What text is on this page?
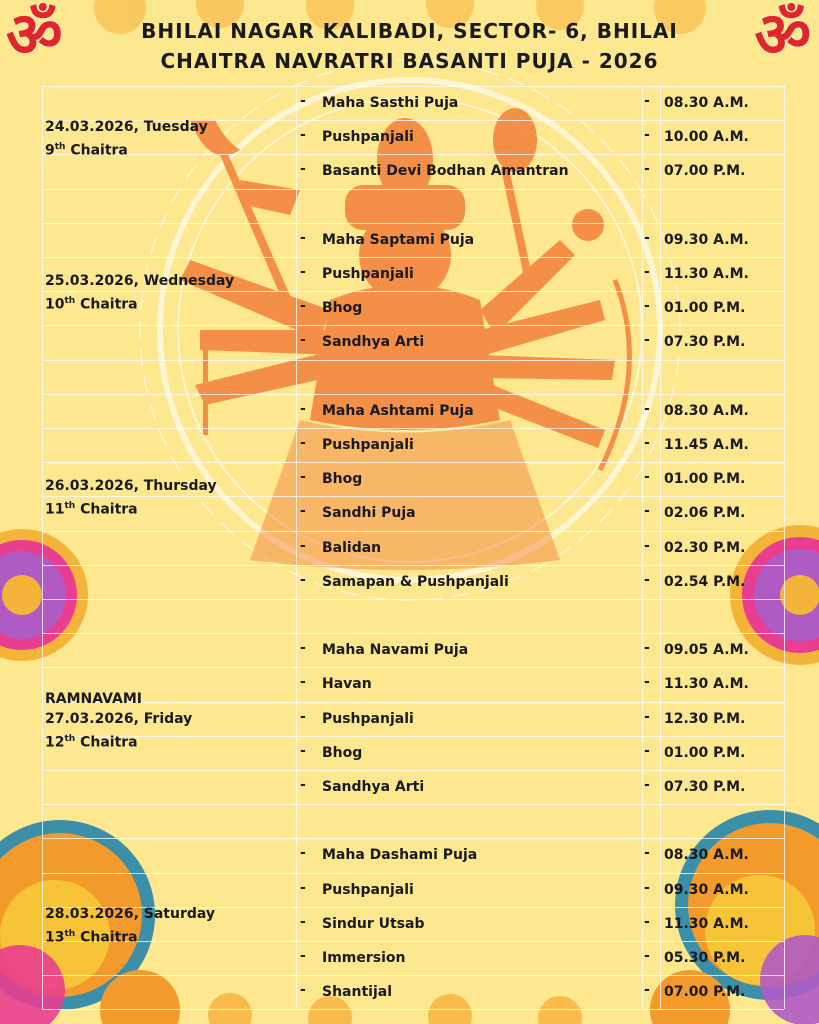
ॐ	ॐ
BHILAI NAGAR KALIBADI, SECTOR- 6, BHILAI
CHAITRA NAVRATRI BASANTI PUJA - 2026
- Maha Sasthi Puja	- 08.30 A.M.
- Pushpanjali	- 10.00 A.M.
- Basanti Devi Bodhan Amantran	- 07.00 P.M.
24.03.2026, Tuesday
9th Chaitra
- Maha Saptami Puja	- 09.30 A.M.
- Pushpanjali	- 11.30 A.M.
- Bhog	- 01.00 P.M.
- Sandhya Arti	- 07.30 P.M.
25.03.2026, Wednesday
10th Chaitra
- Maha Ashtami Puja	- 08.30 A.M.
- Pushpanjali	- 11.45 A.M.
- Bhog	- 01.00 P.M.
- Sandhi Puja	- 02.06 P.M.
- Balidan	- 02.30 P.M.
- Samapan & Pushpanjali	- 02.54 P.M.
26.03.2026, Thursday
11th Chaitra
- Maha Navami Puja	- 09.05 A.M.
- Havan	- 11.30 A.M.
- Pushpanjali	- 12.30 P.M.
- Bhog	- 01.00 P.M.
- Sandhya Arti	- 07.30 P.M.
RAMNAVAMI
27.03.2026, Friday
12th Chaitra
- Maha Dashami Puja	- 08.30 A.M.
- Pushpanjali	- 09.30 A.M.
- Sindur Utsab	- 11.30 A.M.
- Immersion	- 05.30 P.M.
- Shantijal	- 07.00 P.M.
28.03.2026, Saturday
13th Chaitra
